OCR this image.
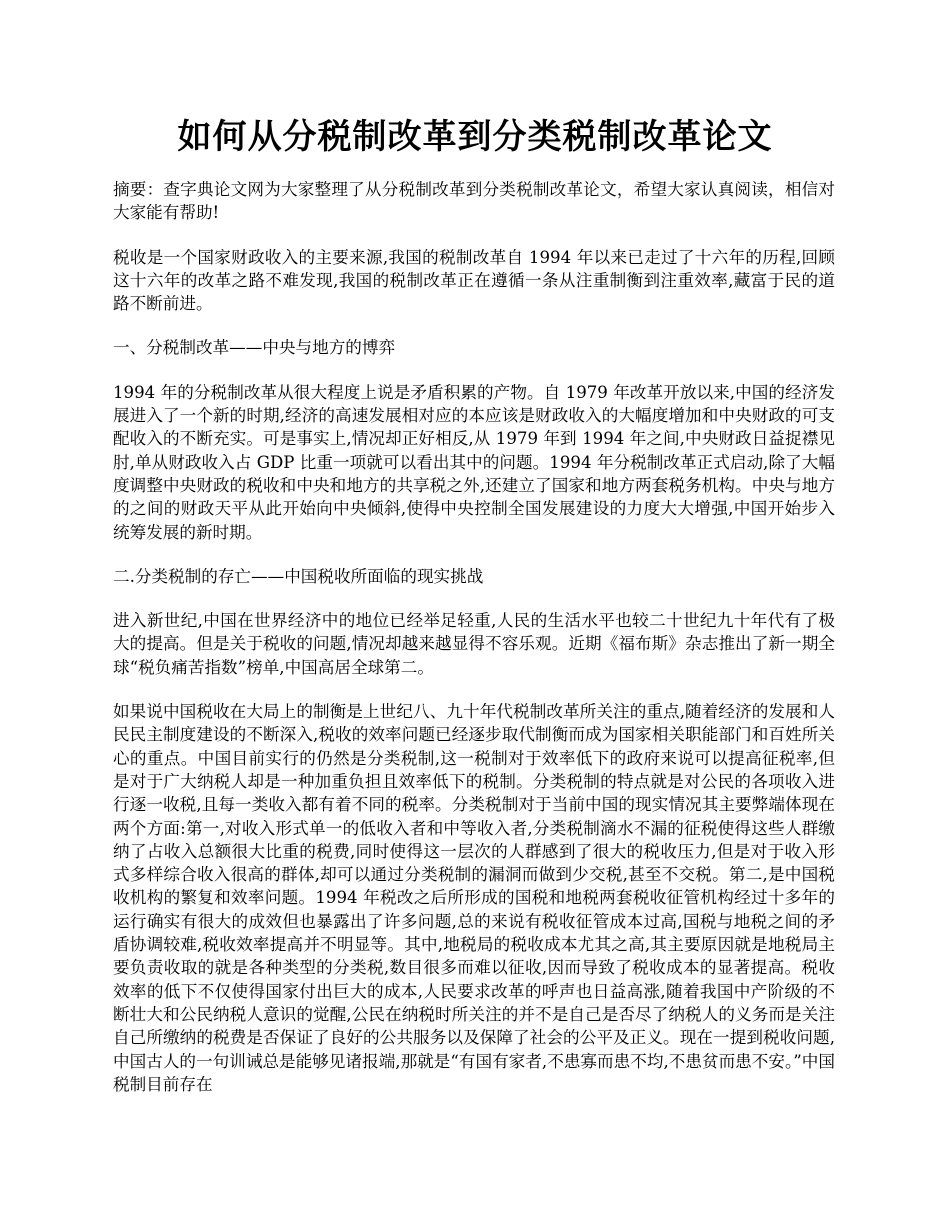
如何从分税制改革到分类税制改革论文

摘要：查字典论文网为大家整理了从分税制改革到分类税制改革论文，希望大家认真阅读，相信对大家能有帮助!

税收是一个国家财政收入的主要来源,我国的税制改革自 1994 年以来已走过了十六年的历程,回顾这十六年的改革之路不难发现,我国的税制改革正在遵循一条从注重制衡到注重效率,藏富于民的道路不断前进。

一、分税制改革——中央与地方的博弈

1994 年的分税制改革从很大程度上说是矛盾积累的产物。自 1979 年改革开放以来,中国的经济发展进入了一个新的时期,经济的高速发展相对应的本应该是财政收入的大幅度增加和中央财政的可支配收入的不断充实。可是事实上,情况却正好相反,从 1979 年到 1994 年之间,中央财政日益捉襟见肘,单从财政收入占 GDP 比重一项就可以看出其中的问题。1994 年分税制改革正式启动,除了大幅度调整中央财政的税收和中央和地方的共享税之外,还建立了国家和地方两套税务机构。中央与地方的之间的财政天平从此开始向中央倾斜,使得中央控制全国发展建设的力度大大增强,中国开始步入统筹发展的新时期。

二.分类税制的存亡——中国税收所面临的现实挑战

进入新世纪,中国在世界经济中的地位已经举足轻重,人民的生活水平也较二十世纪九十年代有了极大的提高。但是关于税收的问题,情况却越来越显得不容乐观。近期《福布斯》杂志推出了新一期全球“税负痛苦指数”榜单,中国高居全球第二。

如果说中国税收在大局上的制衡是上世纪八、九十年代税制改革所关注的重点,随着经济的发展和人民民主制度建设的不断深入,税收的效率问题已经逐步取代制衡而成为国家相关职能部门和百姓所关心的重点。中国目前实行的仍然是分类税制,这一税制对于效率低下的政府来说可以提高征税率,但是对于广大纳税人却是一种加重负担且效率低下的税制。分类税制的特点就是对公民的各项收入进行逐一收税,且每一类收入都有着不同的税率。分类税制对于当前中国的现实情况其主要弊端体现在两个方面:第一,对收入形式单一的低收入者和中等收入者,分类税制滴水不漏的征税使得这些人群缴纳了占收入总额很大比重的税费,同时使得这一层次的人群感到了很大的税收压力,但是对于收入形式多样综合收入很高的群体,却可以通过分类税制的漏洞而做到少交税,甚至不交税。第二,是中国税收机构的繁复和效率问题。1994 年税改之后所形成的国税和地税两套税收征管机构经过十多年的运行确实有很大的成效但也暴露出了许多问题,总的来说有税收征管成本过高,国税与地税之间的矛盾协调较难,税收效率提高并不明显等。其中,地税局的税收成本尤其之高,其主要原因就是地税局主要负责收取的就是各种类型的分类税,数目很多而难以征收,因而导致了税收成本的显著提高。税收效率的低下不仅使得国家付出巨大的成本,人民要求改革的呼声也日益高涨,随着我国中产阶级的不断壮大和公民纳税人意识的觉醒,公民在纳税时所关注的并不是自己是否尽了纳税人的义务而是关注自己所缴纳的税费是否保证了良好的公共服务以及保障了社会的公平及正义。现在一提到税收问题,中国古人的一句训诫总是能够见诸报端,那就是“有国有家者,不患寡而患不均,不患贫而患不安。”中国税制目前存在
